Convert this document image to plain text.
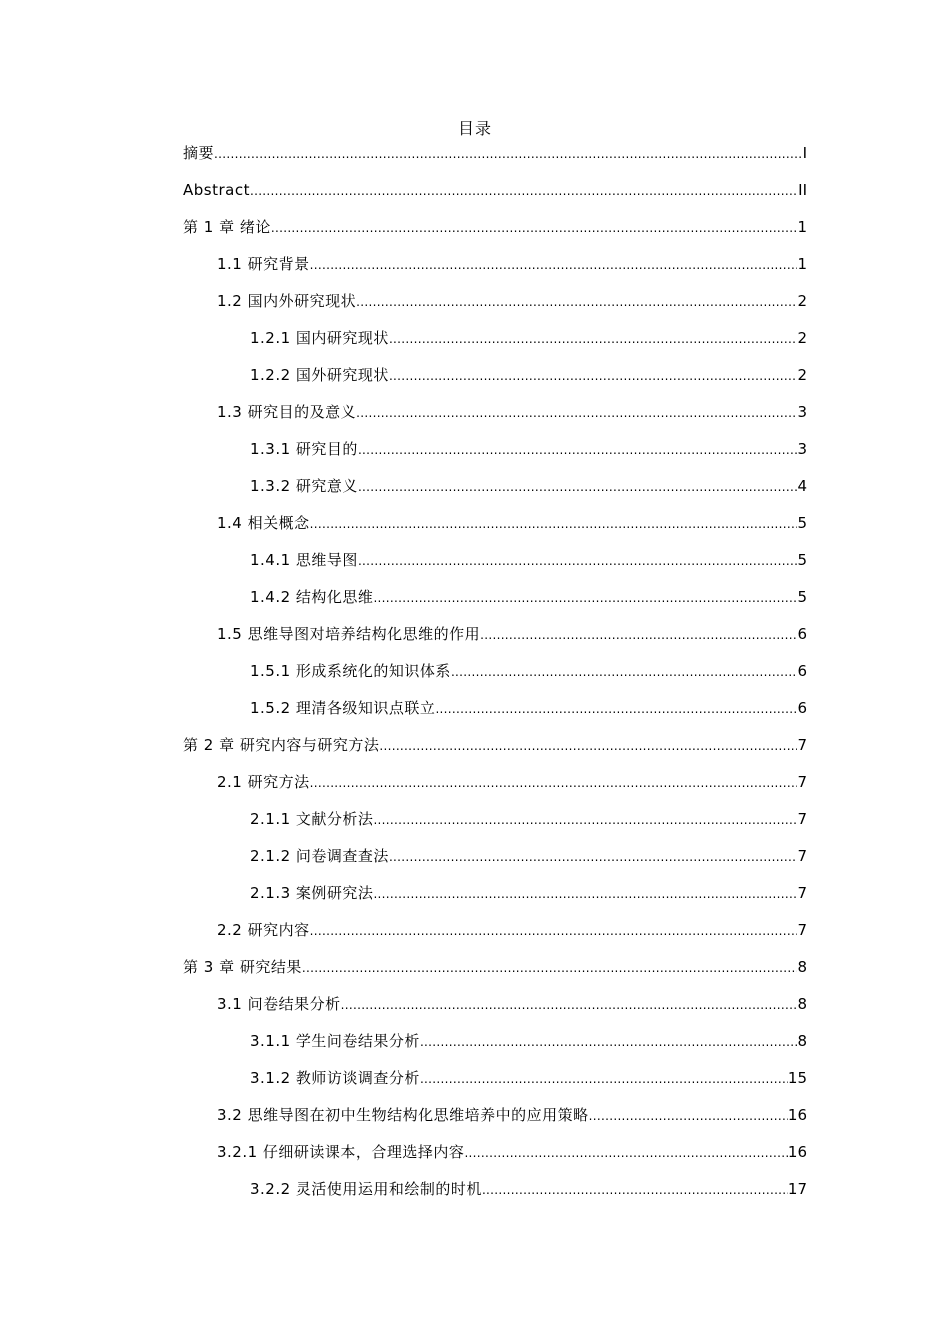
目录
摘要 .....	I
Abstract .....	II
第 1 章 绪论 .....	1
1.1 研究背景 .....	1
1.2 国内外研究现状 .....	2
1.2.1 国内研究现状 .....	2
1.2.2 国外研究现状 .....	2
1.3 研究目的及意义 .....	3
1.3.1 研究目的 .....	3
1.3.2 研究意义 .....	4
1.4 相关概念 .....	5
1.4.1 思维导图 .....	5
1.4.2 结构化思维 .....	5
1.5 思维导图对培养结构化思维的作用 .....	6
1.5.1 形成系统化的知识体系 .....	6
1.5.2 理清各级知识点联立 .....	6
第 2 章 研究内容与研究方法 .....	7
2.1 研究方法 .....	7
2.1.1 文献分析法 .....	7
2.1.2 问卷调查查法 .....	7
2.1.3 案例研究法 .....	7
2.2 研究内容 .....	7
第 3 章 研究结果 .....	8
3.1 问卷结果分析 .....	8
3.1.1 学生问卷结果分析 .....	8
3.1.2 教师访谈调查分析 .....	15
3.2 思维导图在初中生物结构化思维培养中的应用策略 .....	16
3.2.1 仔细研读课本，合理选择内容 .....	16
3.2.2 灵活使用运用和绘制的时机 .....	17
